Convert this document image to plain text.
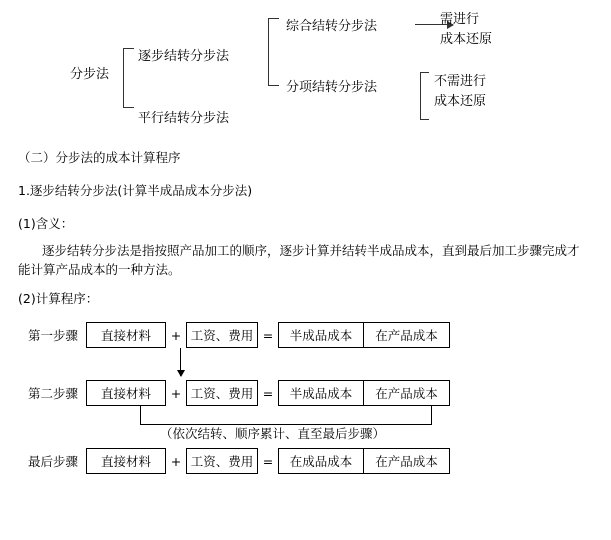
分步法
逐步结转分步法
平行结转分步法
综合结转分步法
分项结转分步法
需进行
成本还原
不需进行
成本还原
（二）分步法的成本计算程序
1.逐步结转分步法(计算半成品成本分步法)
(1)含义：
逐步结转分步法是指按照产品加工的顺序，逐步计算并结转半成品成本，直到最后加工步骤完成才能计算产品成本的一种方法。
(2)计算程序：
第一步骤	直接材料	+ 工资、费用 =	半成品成本	在产品成本
第二步骤	直接材料	+ 工资、费用 =	半成品成本	在产品成本
（依次结转、顺序累计、直至最后步骤）
最后步骤	直接材料	+ 工资、费用 =	在成品成本	在产品成本
